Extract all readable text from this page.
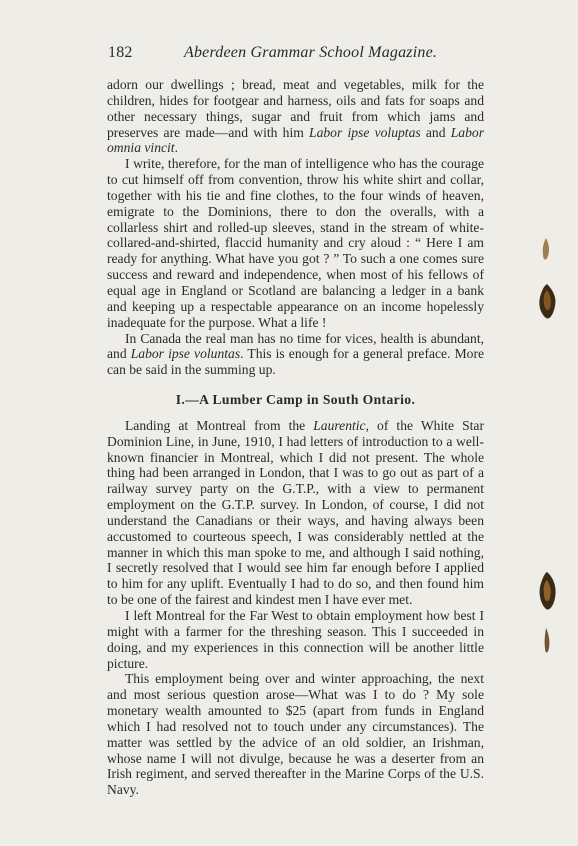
182	Aberdeen Grammar School Magazine.

adorn our dwellings ; bread, meat and vegetables, milk for the children, hides for footgear and harness, oils and fats for soaps and other necessary things, sugar and fruit from which jams and preserves are made—and with him Labor ipse voluptas and Labor omnia vincit.

I write, therefore, for the man of intelligence who has the courage to cut himself off from convention, throw his white shirt and collar, together with his tie and fine clothes, to the four winds of heaven, emigrate to the Dominions, there to don the overalls, with a collarless shirt and rolled-up sleeves, stand in the stream of white-collared-and-shirted, flaccid humanity and cry aloud : “ Here I am ready for anything. What have you got ? ” To such a one comes sure success and reward and independence, when most of his fellows of equal age in England or Scotland are balancing a ledger in a bank and keeping up a respectable appearance on an income hopelessly inadequate for the purpose. What a life !

In Canada the real man has no time for vices, health is abundant, and Labor ipse voluntas. This is enough for a general preface. More can be said in the summing up.

I.—A Lumber Camp in South Ontario.

Landing at Montreal from the Laurentic, of the White Star Dominion Line, in June, 1910, I had letters of introduction to a well-known financier in Montreal, which I did not present. The whole thing had been arranged in London, that I was to go out as part of a railway survey party on the G.T.P., with a view to permanent employment on the G.T.P. survey. In London, of course, I did not understand the Canadians or their ways, and having always been accustomed to courteous speech, I was considerably nettled at the manner in which this man spoke to me, and although I said nothing, I secretly resolved that I would see him far enough before I applied to him for any uplift. Eventually I had to do so, and then found him to be one of the fairest and kindest men I have ever met.

I left Montreal for the Far West to obtain employment how best I might with a farmer for the threshing season. This I succeeded in doing, and my experiences in this connection will be another little picture.

This employment being over and winter approaching, the next and most serious question arose—What was I to do ? My sole monetary wealth amounted to $25 (apart from funds in England which I had resolved not to touch under any circumstances). The matter was settled by the advice of an old soldier, an Irishman, whose name I will not divulge, because he was a deserter from an Irish regiment, and served thereafter in the Marine Corps of the U.S. Navy.
